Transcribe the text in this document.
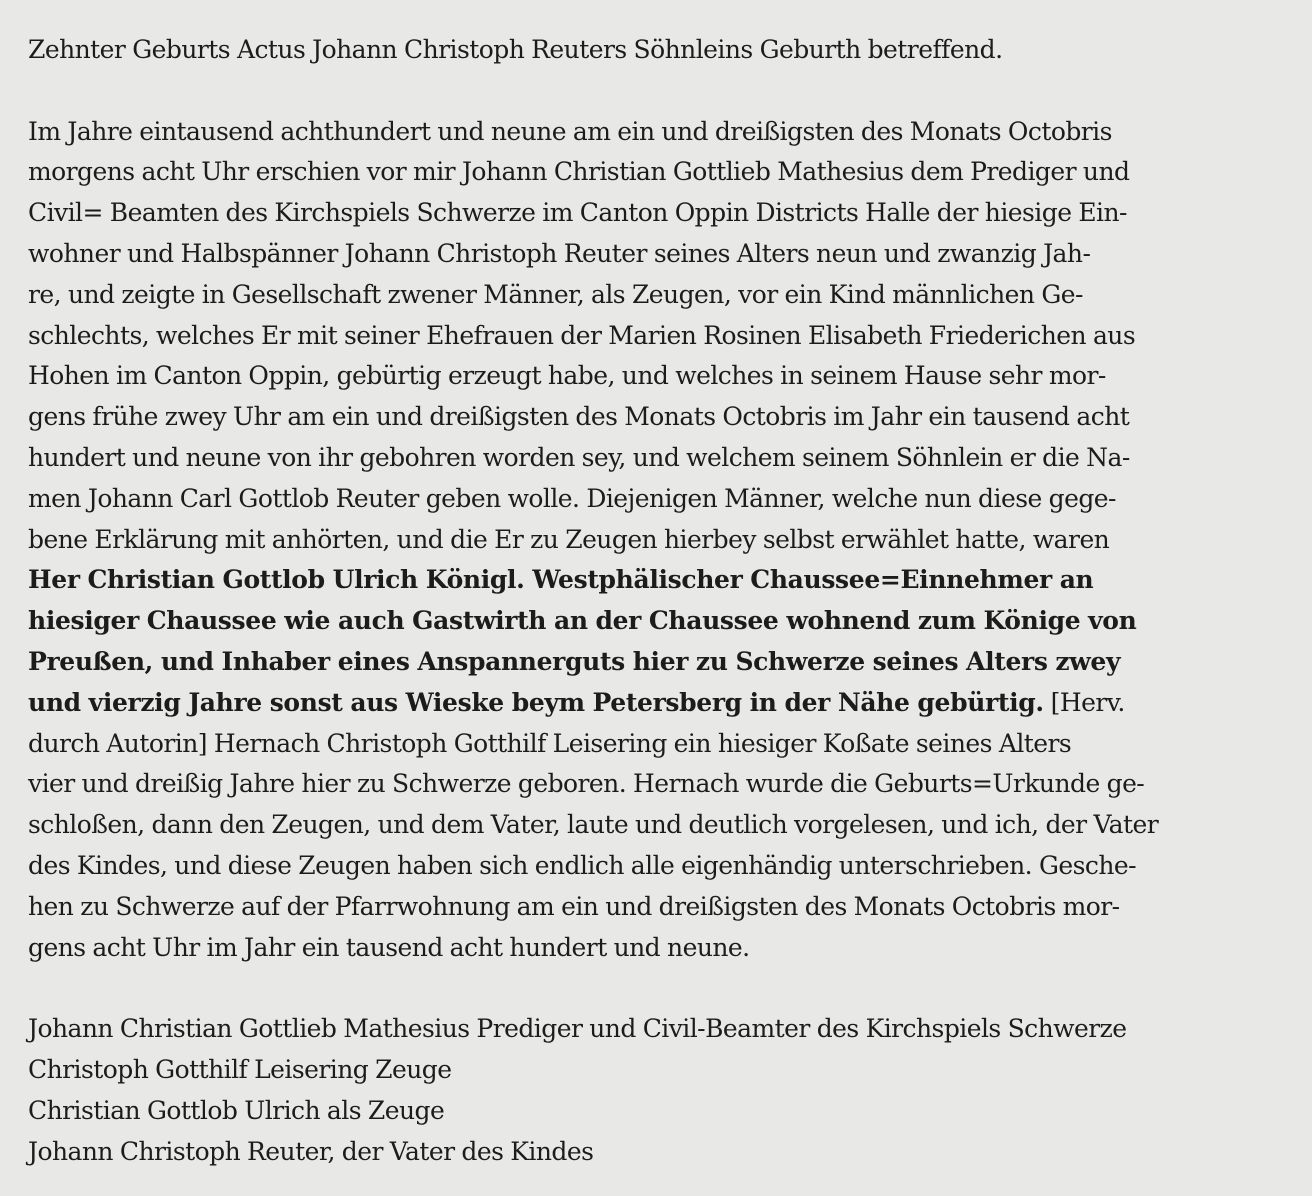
Zehnter Geburts Actus Johann Christoph Reuters Söhnleins Geburth betreffend.
Im Jahre eintausend achthundert und neune am ein und dreißigsten des Monats Octobris
morgens acht Uhr erschien vor mir Johann Christian Gottlieb Mathesius dem Prediger und
Civil= Beamten des Kirchspiels Schwerze im Canton Oppin Districts Halle der hiesige Ein-
wohner und Halbspänner Johann Christoph Reuter seines Alters neun und zwanzig Jah-
re, und zeigte in Gesellschaft zwener Männer, als Zeugen, vor ein Kind männlichen Ge-
schlechts, welches Er mit seiner Ehefrauen der Marien Rosinen Elisabeth Friederichen aus
Hohen im Canton Oppin, gebürtig erzeugt habe, und welches in seinem Hause sehr mor-
gens frühe zwey Uhr am ein und dreißigsten des Monats Octobris im Jahr ein tausend acht
hundert und neune von ihr gebohren worden sey, und welchem seinem Söhnlein er die Na-
men Johann Carl Gottlob Reuter geben wolle. Diejenigen Männer, welche nun diese gege-
bene Erklärung mit anhörten, und die Er zu Zeugen hierbey selbst erwählet hatte, waren
Her Christian Gottlob Ulrich Königl. Westphälischer Chaussee=Einnehmer an
hiesiger Chaussee wie auch Gastwirth an der Chaussee wohnend zum Könige von
Preußen, und Inhaber eines Anspannerguts hier zu Schwerze seines Alters zwey
und vierzig Jahre sonst aus Wieske beym Petersberg in der Nähe gebürtig. [Herv.
durch Autorin] Hernach Christoph Gotthilf Leisering ein hiesiger Koßate seines Alters
vier und dreißig Jahre hier zu Schwerze geboren. Hernach wurde die Geburts=Urkunde ge-
schloßen, dann den Zeugen, und dem Vater, laute und deutlich vorgelesen, und ich, der Vater
des Kindes, und diese Zeugen haben sich endlich alle eigenhändig unterschrieben. Gesche-
hen zu Schwerze auf der Pfarrwohnung am ein und dreißigsten des Monats Octobris mor-
gens acht Uhr im Jahr ein tausend acht hundert und neune.
Johann Christian Gottlieb Mathesius Prediger und Civil-Beamter des Kirchspiels Schwerze
Christoph Gotthilf Leisering Zeuge
Christian Gottlob Ulrich als Zeuge
Johann Christoph Reuter, der Vater des Kindes
